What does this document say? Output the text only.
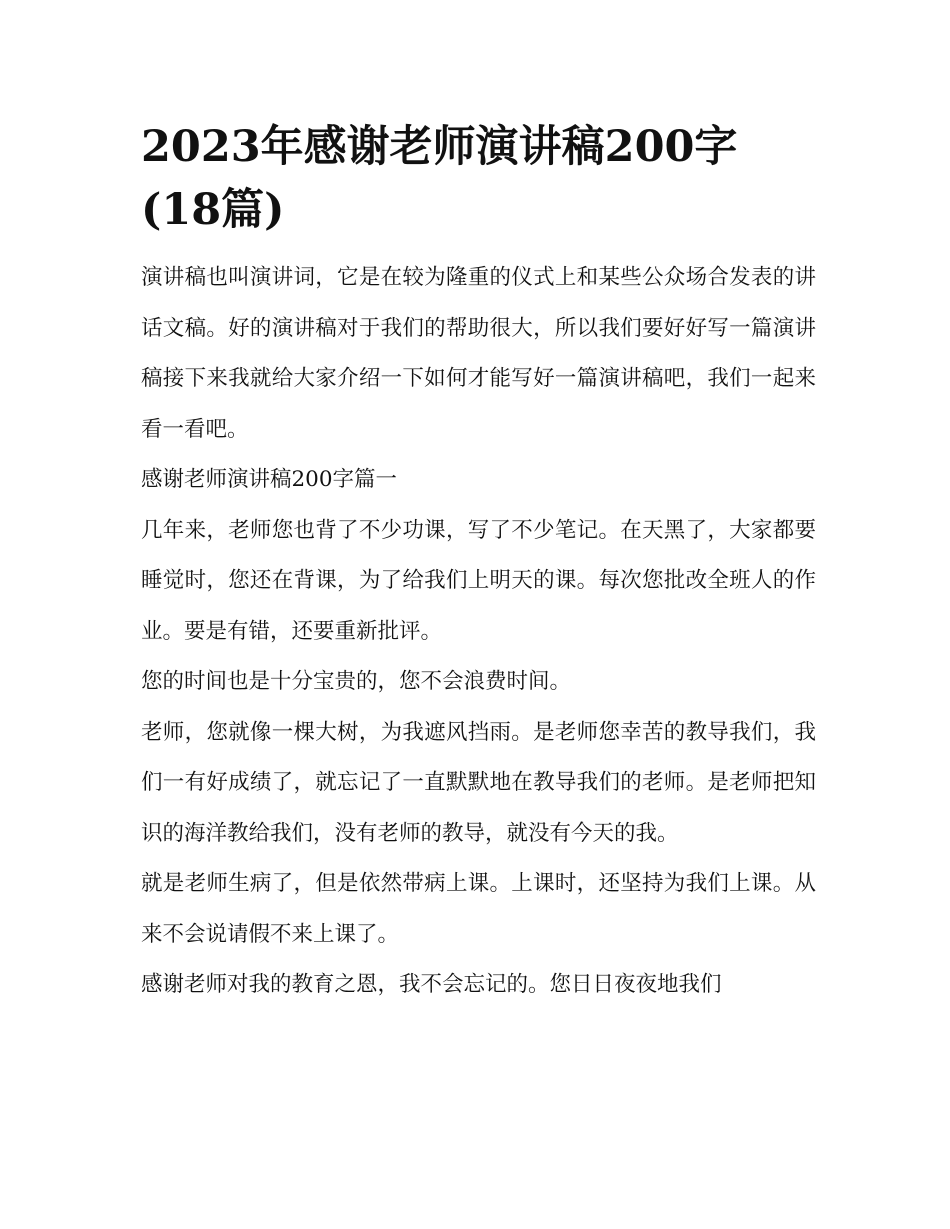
2023年感谢老师演讲稿200字(18篇)

演讲稿也叫演讲词，它是在较为隆重的仪式上和某些公众场合发表的讲话文稿。好的演讲稿对于我们的帮助很大，所以我们要好好写一篇演讲稿接下来我就给大家介绍一下如何才能写好一篇演讲稿吧，我们一起来看一看吧。

感谢老师演讲稿200字篇一

几年来，老师您也背了不少功课，写了不少笔记。在天黑了，大家都要睡觉时，您还在背课，为了给我们上明天的课。每次您批改全班人的作业。要是有错，还要重新批评。

您的时间也是十分宝贵的，您不会浪费时间。

老师，您就像一棵大树，为我遮风挡雨。是老师您幸苦的教导我们，我们一有好成绩了，就忘记了一直默默地在教导我们的老师。是老师把知识的海洋教给我们，没有老师的教导，就没有今天的我。

就是老师生病了，但是依然带病上课。上课时，还坚持为我们上课。从来不会说请假不来上课了。

感谢老师对我的教育之恩，我不会忘记的。您日日夜夜地我们
